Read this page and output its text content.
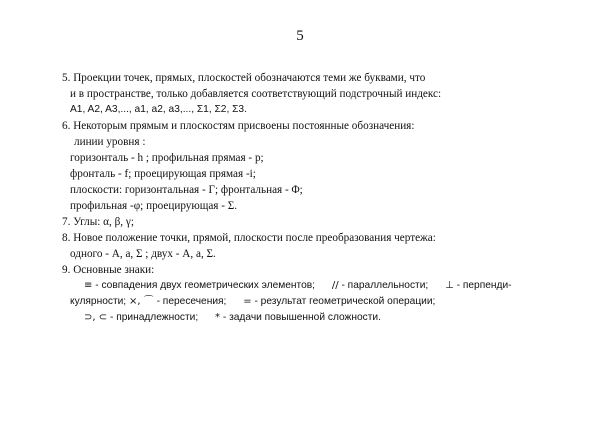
5
5. Проекции точек, прямых, плоскостей обозначаются теми же буквами, что
и в пространстве, только добавляется соответствующий подстрочный индекс:
A1, A2, A3,..., a1, a2, a3,..., Σ1, Σ2, Σ3.
6. Некоторым прямым и плоскостям присвоены постоянные обозначения:
линии уровня :
горизонталь - h ; профильная прямая - p;
фронталь - f; проецирующая прямая -i;
плоскости: горизонтальная - Γ; фронтальная - Φ;
профильная -φ; проецирующая - Σ.
7. Углы: α, β, γ;
8. Новое положение точки, прямой, плоскости после преобразования чертежа:
одного - A, a, Σ ; двух - A, a, Σ.
9. Основные знаки:
≡ - совпадения двух геометрических элементов; // - параллельности; ⊥ - перпенди-
кулярности; ×, ⌒ - пересечения; = - результат геометрической операции;
⊃, ⊂ - принадлежности; * - задачи повышенной сложности.
